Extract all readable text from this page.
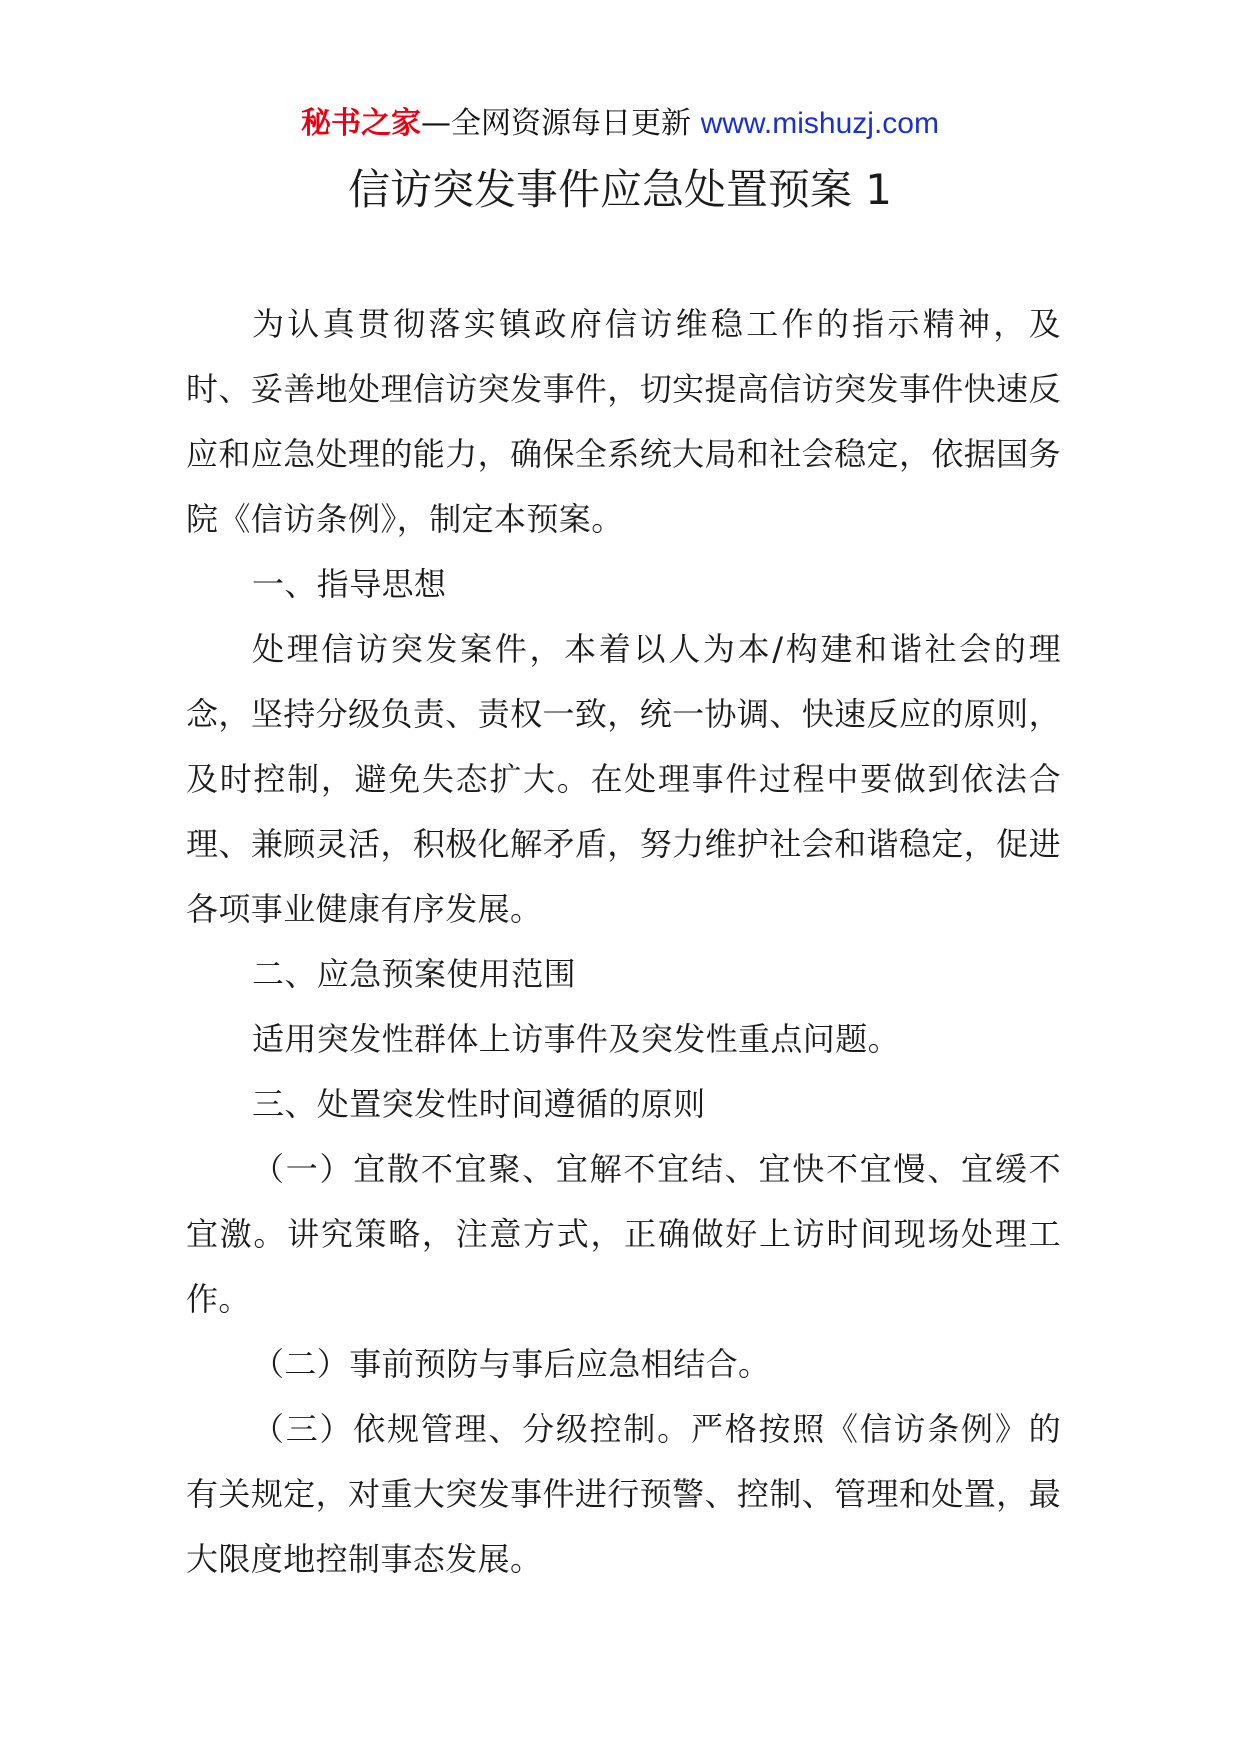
秘书之家—全网资源每日更新 www.mishuzj.com
信访突发事件应急处置预案 1

为认真贯彻落实镇政府信访维稳工作的指示精神，及时、妥善地处理信访突发事件，切实提高信访突发事件快速反应和应急处理的能力，确保全系统大局和社会稳定，依据国务院《信访条例》，制定本预案。

一、指导思想

处理信访突发案件，本着以人为本/构建和谐社会的理念，坚持分级负责、责权一致，统一协调、快速反应的原则，及时控制，避免失态扩大。在处理事件过程中要做到依法合理、兼顾灵活，积极化解矛盾，努力维护社会和谐稳定，促进各项事业健康有序发展。

二、应急预案使用范围

适用突发性群体上访事件及突发性重点问题。

三、处置突发性时间遵循的原则

（一）宜散不宜聚、宜解不宜结、宜快不宜慢、宜缓不宜激。讲究策略，注意方式，正确做好上访时间现场处理工作。

（二）事前预防与事后应急相结合。

（三）依规管理、分级控制。严格按照《信访条例》的有关规定，对重大突发事件进行预警、控制、管理和处置，最大限度地控制事态发展。
